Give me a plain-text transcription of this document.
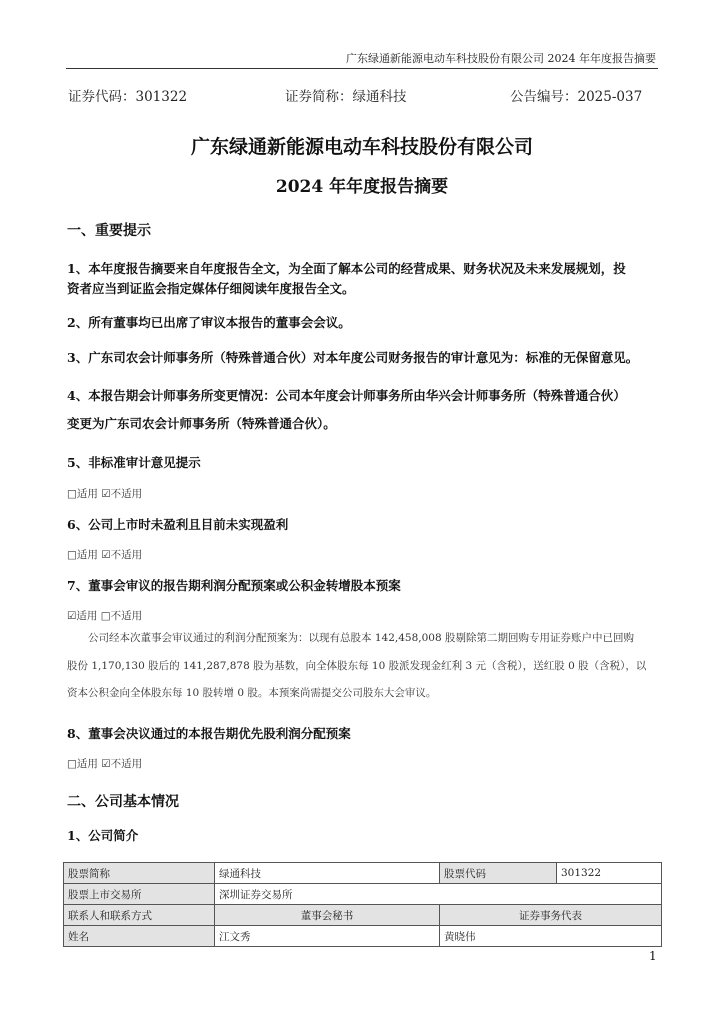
广东绿通新能源电动车科技股份有限公司 2024 年年度报告摘要
证券代码：301322	证券简称：绿通科技	公告编号：2025-037
广东绿通新能源电动车科技股份有限公司
2024 年年度报告摘要
一、重要提示
1、本年度报告摘要来自年度报告全文，为全面了解本公司的经营成果、财务状况及未来发展规划，投
资者应当到证监会指定媒体仔细阅读年度报告全文。
2、所有董事均已出席了审议本报告的董事会会议。
3、广东司农会计师事务所（特殊普通合伙）对本年度公司财务报告的审计意见为：标准的无保留意见。
4、本报告期会计师事务所变更情况：公司本年度会计师事务所由华兴会计师事务所（特殊普通合伙）
变更为广东司农会计师事务所（特殊普通合伙）。
5、非标准审计意见提示
□适用 ☑不适用
6、公司上市时未盈利且目前未实现盈利
□适用 ☑不适用
7、董事会审议的报告期利润分配预案或公积金转增股本预案
☑适用 □不适用
公司经本次董事会审议通过的利润分配预案为：以现有总股本 142,458,008 股剔除第二期回购专用证券账户中已回购
股份 1,170,130 股后的 141,287,878 股为基数，向全体股东每 10 股派发现金红利 3 元（含税），送红股 0 股（含税），以
资本公积金向全体股东每 10 股转增 0 股。本预案尚需提交公司股东大会审议。
8、董事会决议通过的本报告期优先股利润分配预案
□适用 ☑不适用
二、公司基本情况
1、公司简介
股票简称	绿通科技	股票代码	301322
股票上市交易所	深圳证券交易所		
联系人和联系方式	董事会秘书	证券事务代表	
姓名	江文秀	黄晓伟	
1
